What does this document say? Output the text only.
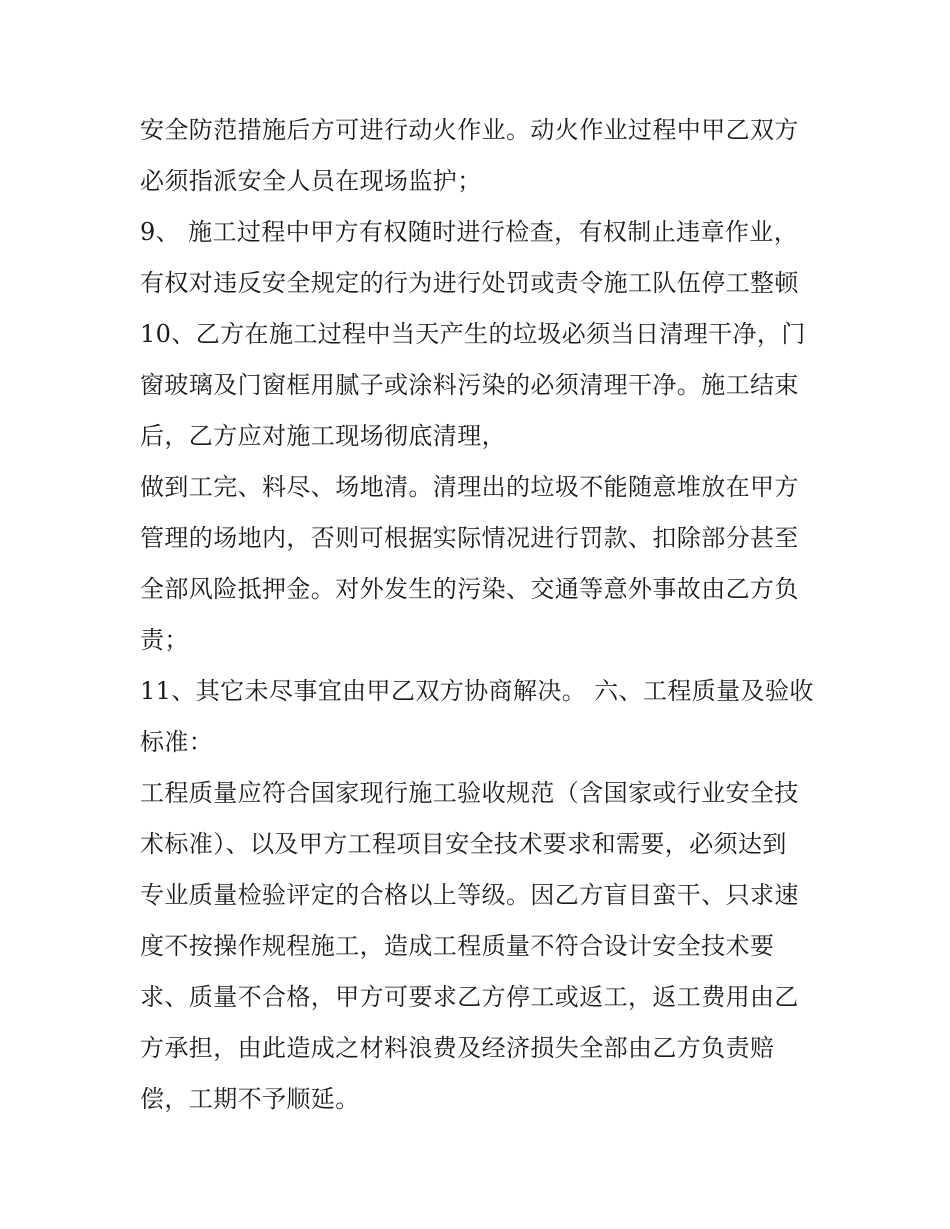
安全防范措施后方可进行动火作业。动火作业过程中甲乙双方
必须指派安全人员在现场监护；
9、 施工过程中甲方有权随时进行检查，有权制止违章作业，
有权对违反安全规定的行为进行处罚或责令施工队伍停工整顿
10、乙方在施工过程中当天产生的垃圾必须当日清理干净，门
窗玻璃及门窗框用腻子或涂料污染的必须清理干净。施工结束
后，乙方应对施工现场彻底清理，
做到工完、料尽、场地清。清理出的垃圾不能随意堆放在甲方
管理的场地内，否则可根据实际情况进行罚款、扣除部分甚至
全部风险抵押金。对外发生的污染、交通等意外事故由乙方负
责；
11、其它未尽事宜由甲乙双方协商解决。 六、工程质量及验收
标准：
工程质量应符合国家现行施工验收规范（含国家或行业安全技
术标准）、以及甲方工程项目安全技术要求和需要，必须达到
专业质量检验评定的合格以上等级。因乙方盲目蛮干、只求速
度不按操作规程施工，造成工程质量不符合设计安全技术要
求、质量不合格，甲方可要求乙方停工或返工，返工费用由乙
方承担，由此造成之材料浪费及经济损失全部由乙方负责赔
偿，工期不予顺延。
